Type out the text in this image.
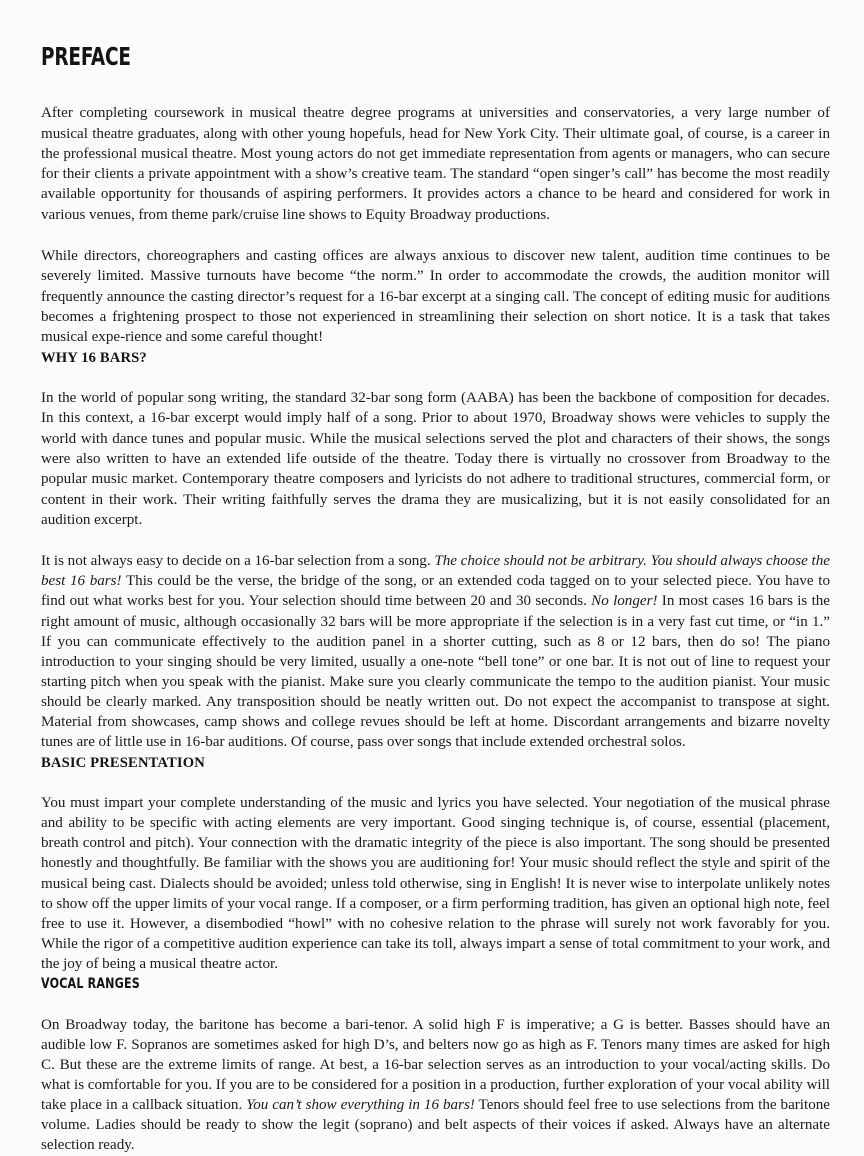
PREFACE

After completing coursework in musical theatre degree programs at universities and conservatories, a very large number of musical theatre graduates, along with other young hopefuls, head for New York City. Their ultimate goal, of course, is a career in the professional musical theatre. Most young actors do not get immediate representation from agents or managers, who can secure for their clients a private appointment with a show’s creative team. The standard “open singer’s call” has become the most readily available opportunity for thousands of aspiring performers. It provides actors a chance to be heard and considered for work in various venues, from theme park/cruise line shows to Equity Broadway productions.

While directors, choreographers and casting offices are always anxious to discover new talent, audition time continues to be severely limited. Massive turnouts have become “the norm.” In order to accommodate the crowds, the audition monitor will frequently announce the casting director’s request for a 16-bar excerpt at a singing call. The concept of editing music for auditions becomes a frightening prospect to those not experienced in streamlining their selection on short notice. It is a task that takes musical expe-rience and some careful thought!

WHY 16 BARS?

In the world of popular song writing, the standard 32-bar song form (AABA) has been the backbone of composition for decades. In this context, a 16-bar excerpt would imply half of a song. Prior to about 1970, Broadway shows were vehicles to supply the world with dance tunes and popular music. While the musical selections served the plot and characters of their shows, the songs were also written to have an extended life outside of the theatre. Today there is virtually no crossover from Broadway to the popular music market. Contemporary theatre composers and lyricists do not adhere to traditional structures, commercial form, or content in their work. Their writing faithfully serves the drama they are musicalizing, but it is not easily consolidated for an audition excerpt.

It is not always easy to decide on a 16-bar selection from a song. The choice should not be arbitrary. You should always choose the best 16 bars! This could be the verse, the bridge of the song, or an extended coda tagged on to your selected piece. You have to find out what works best for you. Your selection should time between 20 and 30 seconds. No longer! In most cases 16 bars is the right amount of music, although occasionally 32 bars will be more appropriate if the selection is in a very fast cut time, or “in 1.” If you can communicate effectively to the audition panel in a shorter cutting, such as 8 or 12 bars, then do so! The piano introduction to your singing should be very limited, usually a one-note “bell tone” or one bar. It is not out of line to request your starting pitch when you speak with the pianist. Make sure you clearly communicate the tempo to the audition pianist. Your music should be clearly marked. Any transposition should be neatly written out. Do not expect the accompanist to transpose at sight. Material from showcases, camp shows and college revues should be left at home. Discordant arrangements and bizarre novelty tunes are of little use in 16-bar auditions. Of course, pass over songs that include extended orchestral solos.

BASIC PRESENTATION

You must impart your complete understanding of the music and lyrics you have selected. Your negotiation of the musical phrase and ability to be specific with acting elements are very important. Good singing technique is, of course, essential (placement, breath control and pitch). Your connection with the dramatic integrity of the piece is also important. The song should be presented honestly and thoughtfully. Be familiar with the shows you are auditioning for! Your music should reflect the style and spirit of the musical being cast. Dialects should be avoided; unless told otherwise, sing in English! It is never wise to interpolate unlikely notes to show off the upper limits of your vocal range. If a composer, or a firm performing tradition, has given an optional high note, feel free to use it. However, a disembodied “howl” with no cohesive relation to the phrase will surely not work favorably for you. While the rigor of a competitive audition experience can take its toll, always impart a sense of total commitment to your work, and the joy of being a musical theatre actor.

VOCAL RANGES

On Broadway today, the baritone has become a bari-tenor. A solid high F is imperative; a G is better. Basses should have an audible low F. Sopranos are sometimes asked for high D’s, and belters now go as high as F. Tenors many times are asked for high C. But these are the extreme limits of range. At best, a 16-bar selection serves as an introduction to your vocal/acting skills. Do what is comfortable for you. If you are to be considered for a position in a production, further exploration of your vocal ability will take place in a callback situation. You can’t show everything in 16 bars! Tenors should feel free to use selections from the baritone volume. Ladies should be ready to show the legit (soprano) and belt aspects of their voices if asked. Always have an alternate selection ready.
